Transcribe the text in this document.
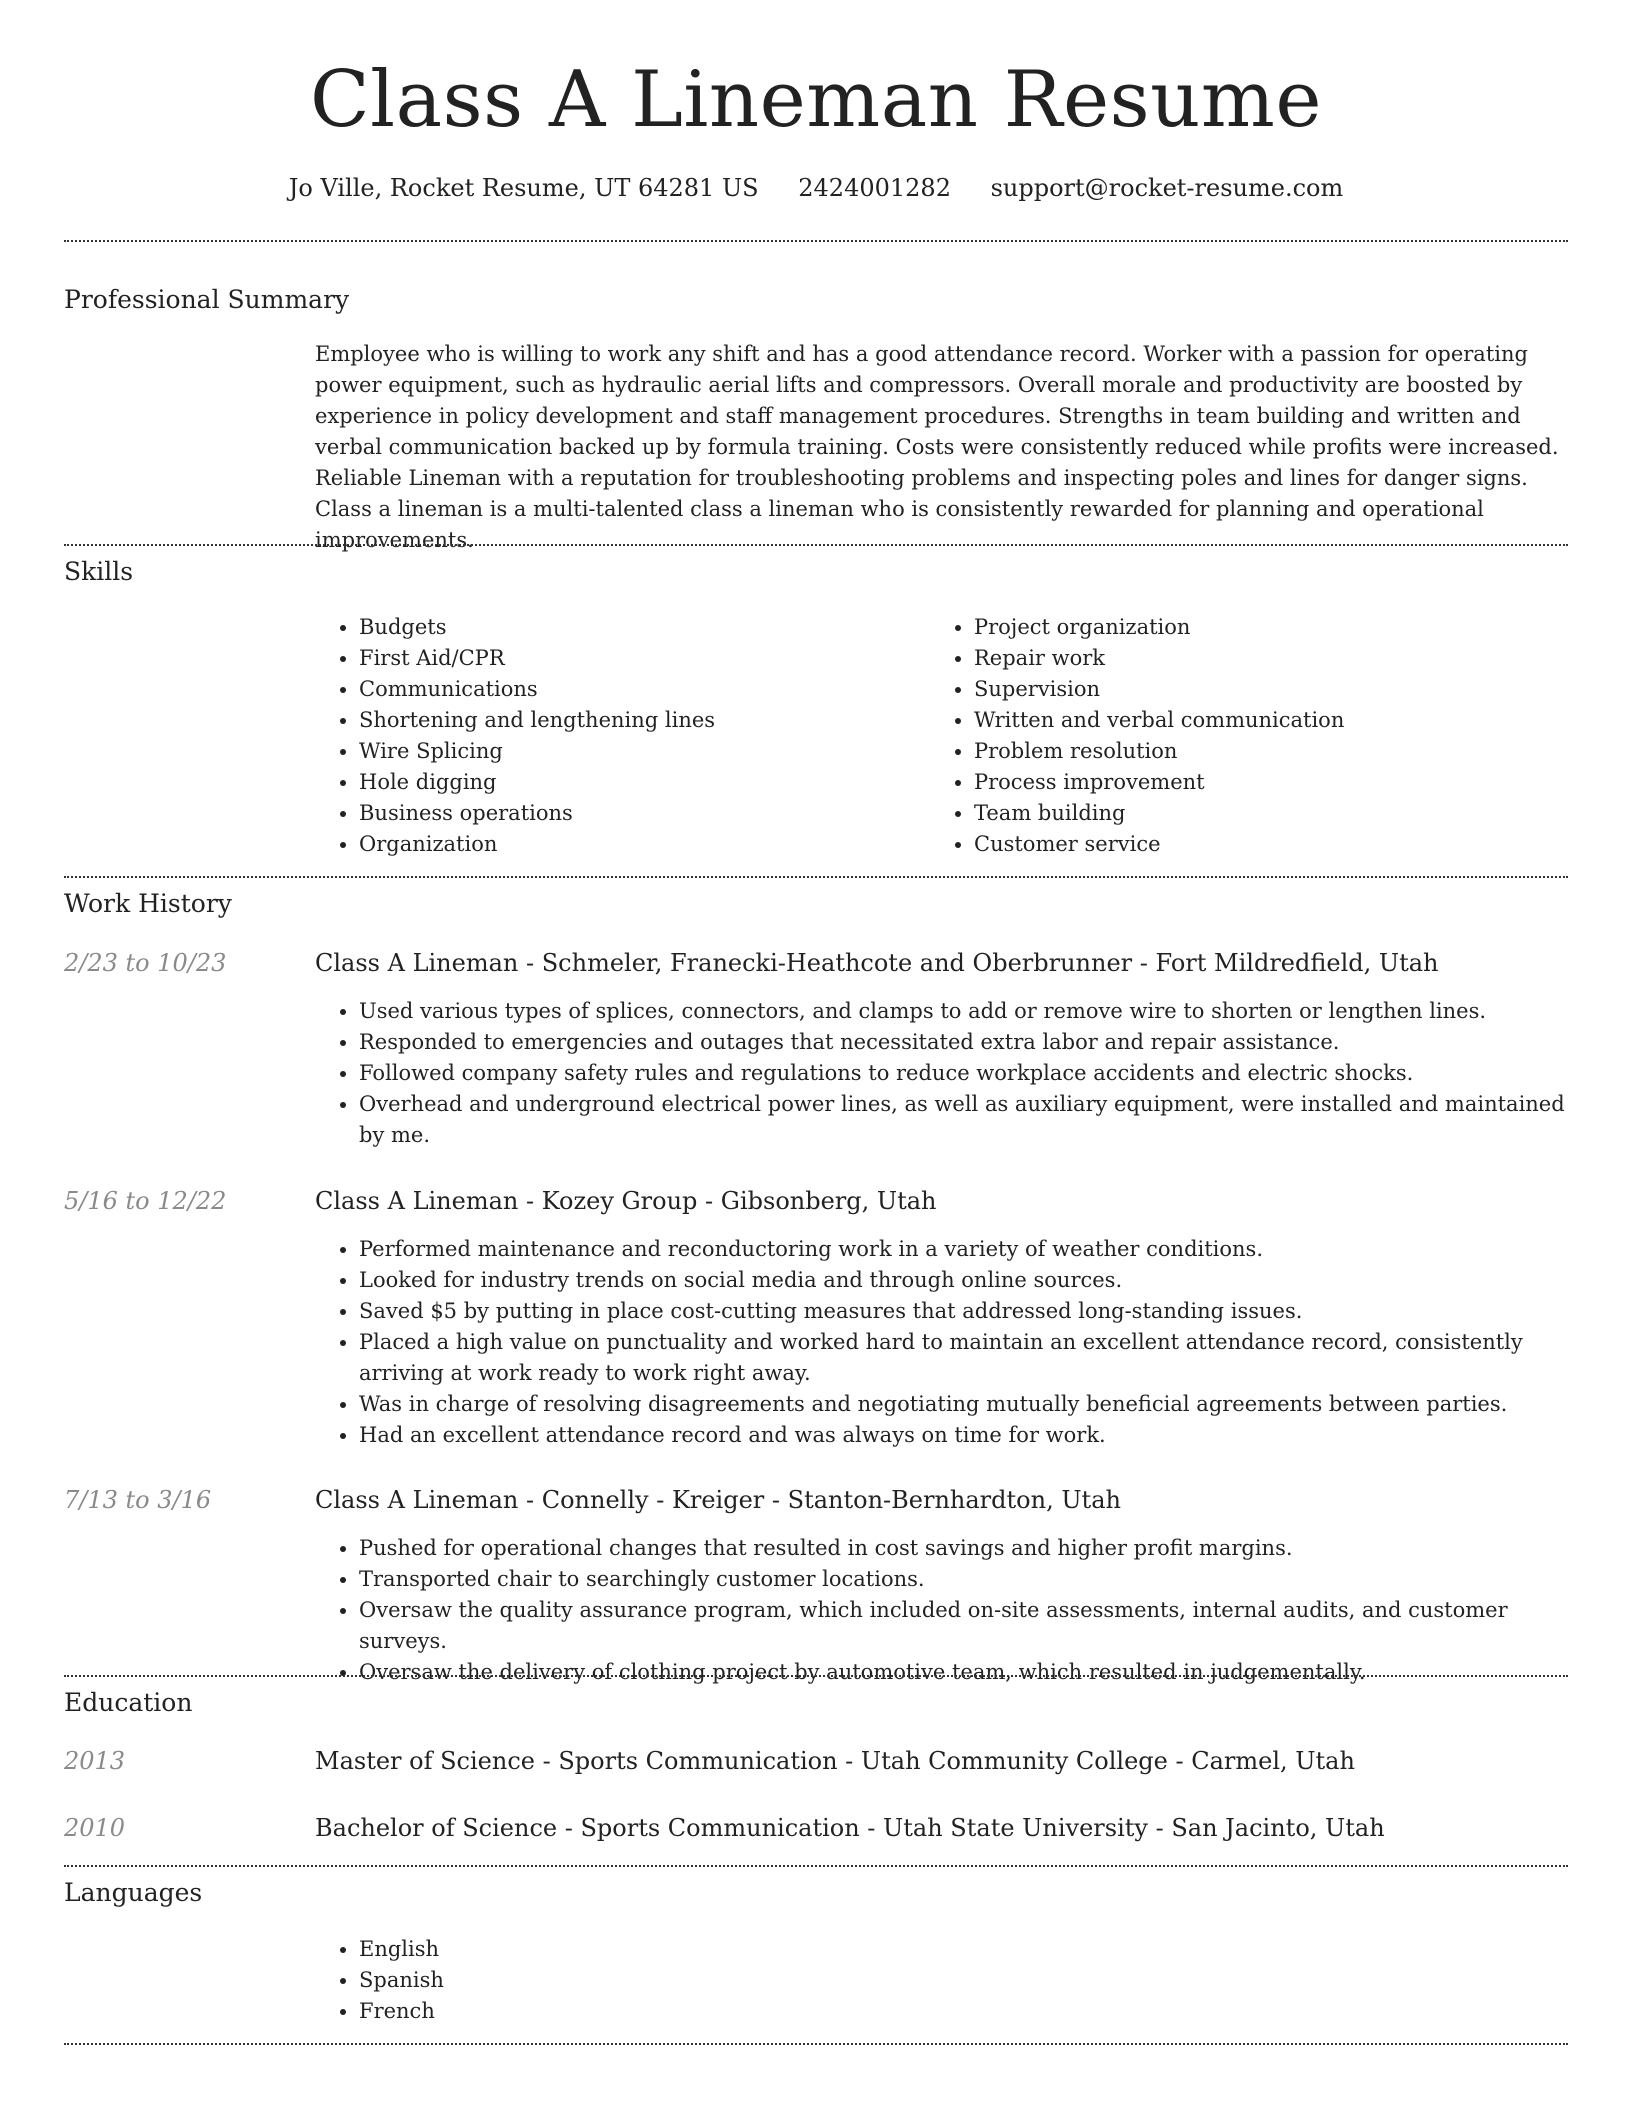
Class A Lineman Resume
Jo Ville, Rocket Resume, UT 64281 US 2424001282 support@rocket-resume.com
Professional Summary

Employee who is willing to work any shift and has a good attendance record. Worker with a passion for operating power equipment, such as hydraulic aerial lifts and compressors. Overall morale and productivity are boosted by experience in policy development and staff management procedures. Strengths in team building and written and verbal communication backed up by formula training. Costs were consistently reduced while profits were increased. Reliable Lineman with a reputation for troubleshooting problems and inspecting poles and lines for danger signs. Class a lineman is a multi-talented class a lineman who is consistently rewarded for planning and operational improvements.

Skills
• Budgets
• First Aid/CPR
• Communications
• Shortening and lengthening lines
• Wire Splicing
• Hole digging
• Business operations
• Organization
• Project organization
• Repair work
• Supervision
• Written and verbal communication
• Problem resolution
• Process improvement
• Team building
• Customer service
Work History
2/23 to 10/23	Class A Lineman - Schmeler, Franecki-Heathcote and Oberbrunner - Fort Mildredfield, Utah
• Used various types of splices, connectors, and clamps to add or remove wire to shorten or lengthen lines.
• Responded to emergencies and outages that necessitated extra labor and repair assistance.
• Followed company safety rules and regulations to reduce workplace accidents and electric shocks.
• Overhead and underground electrical power lines, as well as auxiliary equipment, were installed and maintained by me.
5/16 to 12/22	Class A Lineman - Kozey Group - Gibsonberg, Utah
• Performed maintenance and reconductoring work in a variety of weather conditions.
• Looked for industry trends on social media and through online sources.
• Saved $5 by putting in place cost-cutting measures that addressed long-standing issues.
• Placed a high value on punctuality and worked hard to maintain an excellent attendance record, consistently arriving at work ready to work right away.
• Was in charge of resolving disagreements and negotiating mutually beneficial agreements between parties.
• Had an excellent attendance record and was always on time for work.
7/13 to 3/16	Class A Lineman - Connelly - Kreiger - Stanton-Bernhardton, Utah
• Pushed for operational changes that resulted in cost savings and higher profit margins.
• Transported chair to searchingly customer locations.
• Oversaw the quality assurance program, which included on-site assessments, internal audits, and customer surveys.
• Oversaw the delivery of clothing project by automotive team, which resulted in judgementally.
Education
2013	Master of Science - Sports Communication - Utah Community College - Carmel, Utah
2010	Bachelor of Science - Sports Communication - Utah State University - San Jacinto, Utah
Languages
• English
• Spanish
• French
